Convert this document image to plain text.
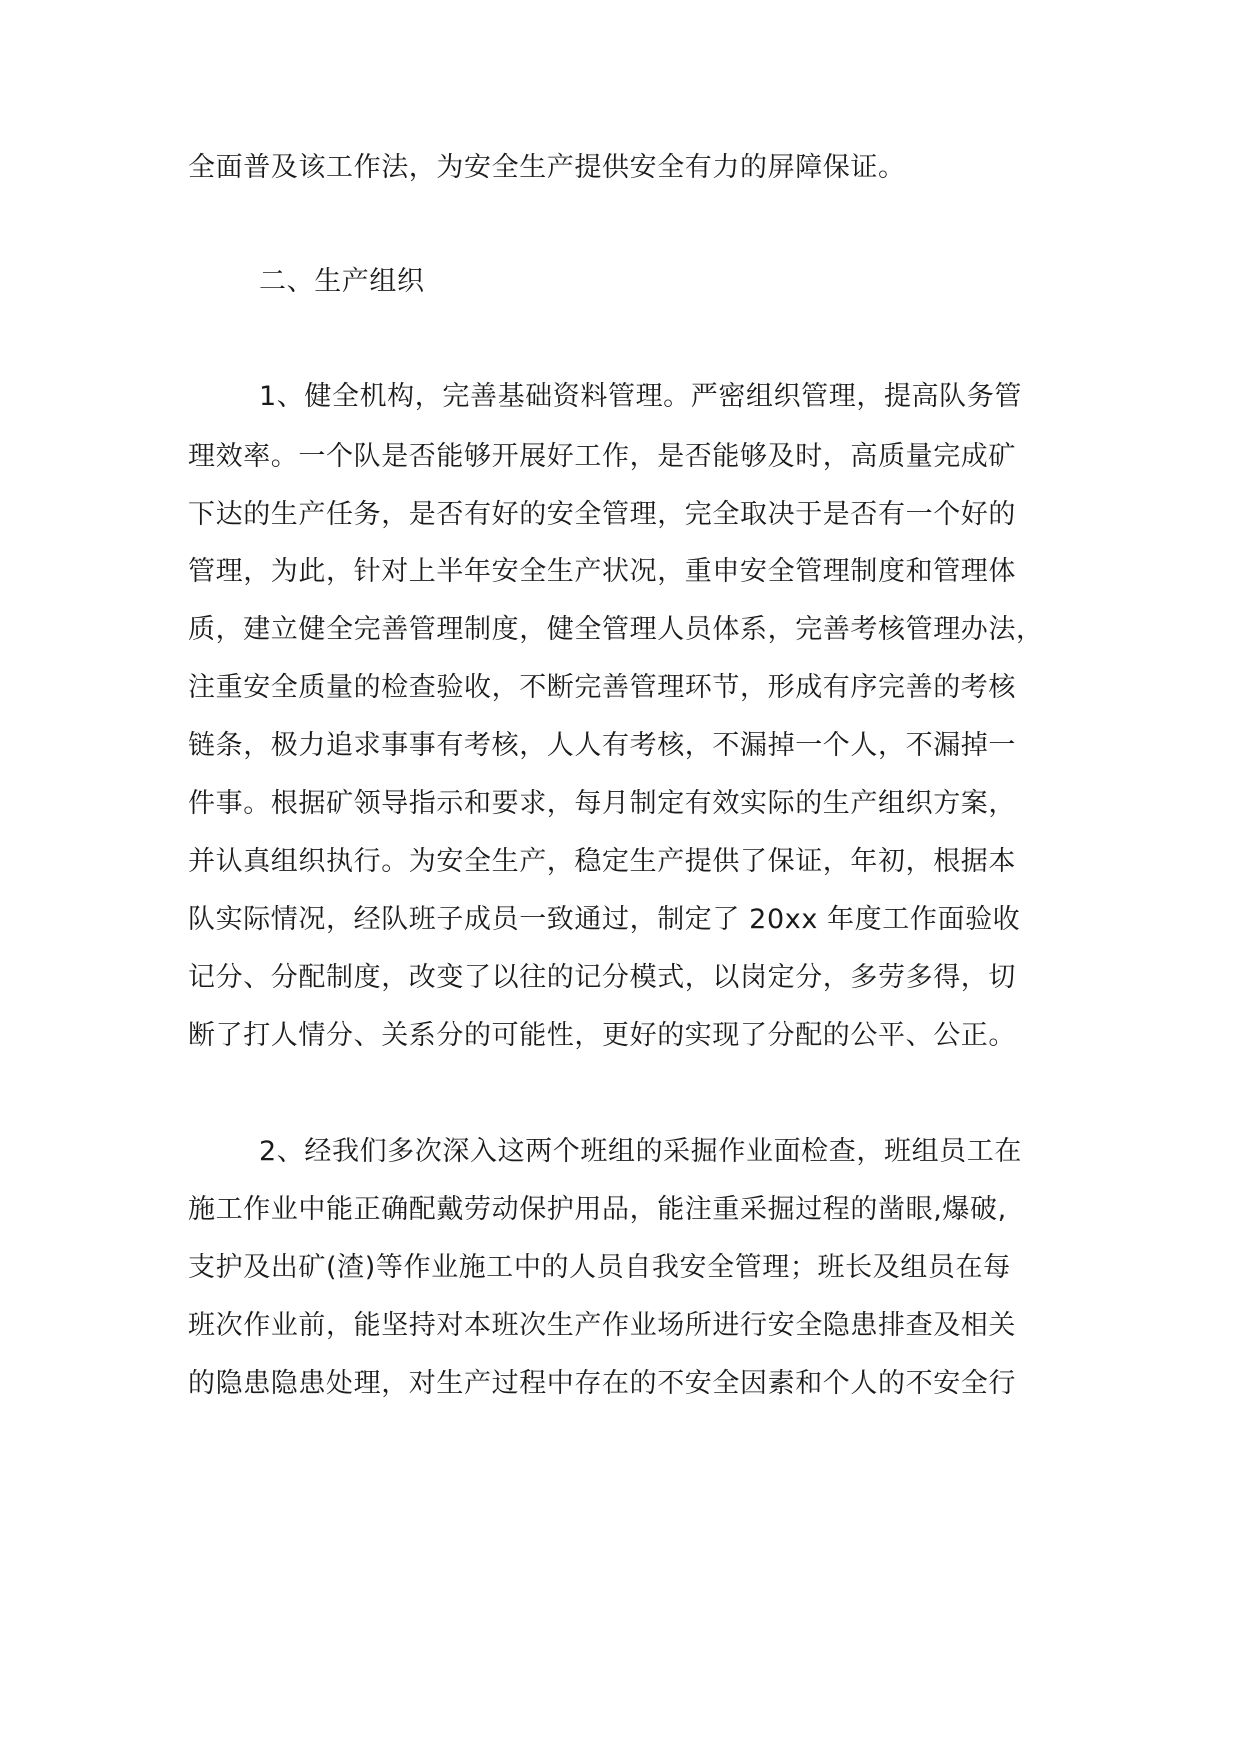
全面普及该工作法，为安全生产提供安全有力的屏障保证。
二、生产组织
1、健全机构，完善基础资料管理。严密组织管理，提高队务管
理效率。一个队是否能够开展好工作，是否能够及时，高质量完成矿
下达的生产任务，是否有好的安全管理，完全取决于是否有一个好的
管理，为此，针对上半年安全生产状况，重申安全管理制度和管理体
质，建立健全完善管理制度，健全管理人员体系，完善考核管理办法，
注重安全质量的检查验收，不断完善管理环节，形成有序完善的考核
链条，极力追求事事有考核，人人有考核，不漏掉一个人，不漏掉一
件事。根据矿领导指示和要求，每月制定有效实际的生产组织方案，
并认真组织执行。为安全生产，稳定生产提供了保证，年初，根据本
队实际情况，经队班子成员一致通过，制定了 20xx 年度工作面验收
记分、分配制度，改变了以往的记分模式，以岗定分，多劳多得，切
断了打人情分、关系分的可能性，更好的实现了分配的公平、公正。
2、经我们多次深入这两个班组的采掘作业面检查，班组员工在
施工作业中能正确配戴劳动保护用品，能注重采掘过程的凿眼,爆破,
支护及出矿(渣)等作业施工中的人员自我安全管理；班长及组员在每
班次作业前，能坚持对本班次生产作业场所进行安全隐患排查及相关
的隐患隐患处理，对生产过程中存在的不安全因素和个人的不安全行
